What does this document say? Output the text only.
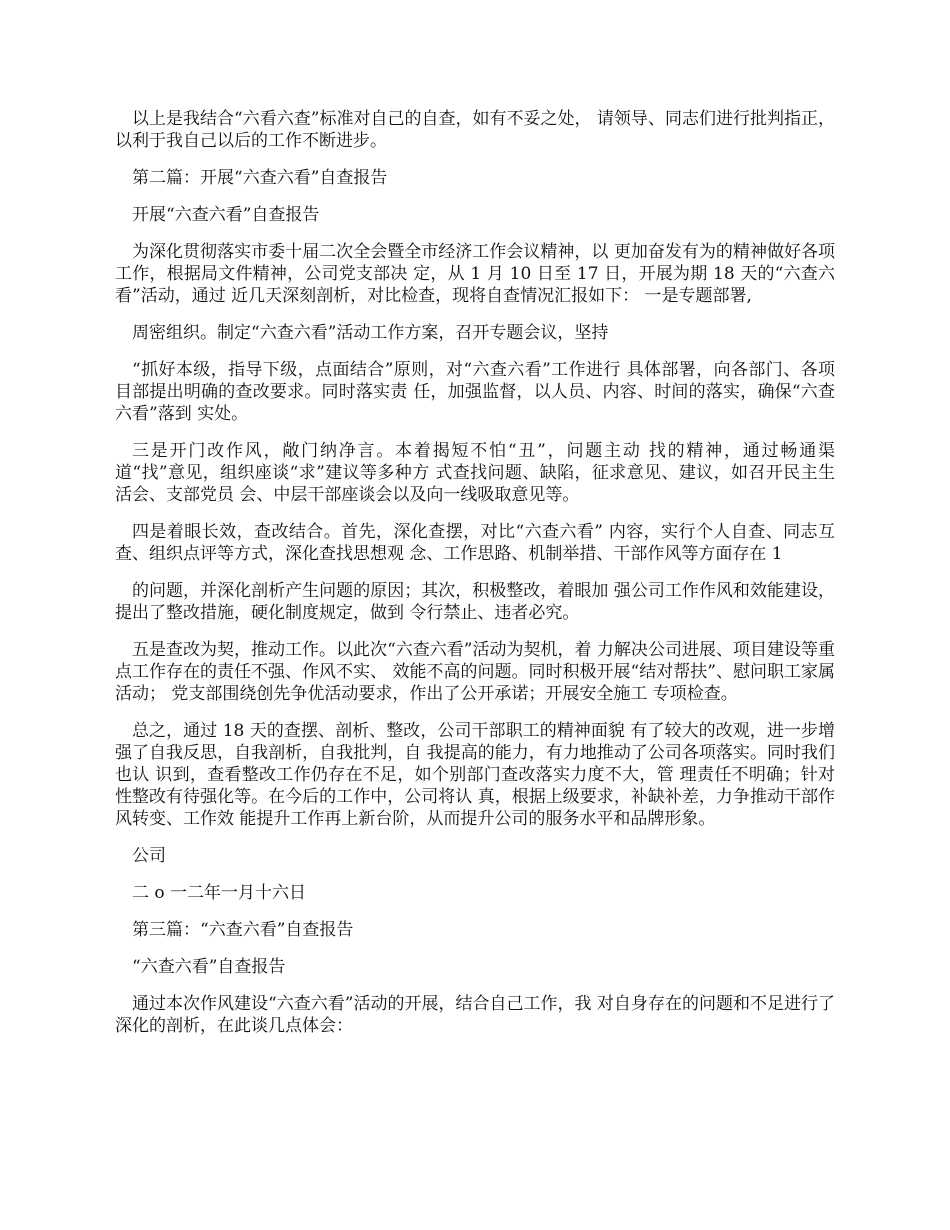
以上是我结合“六看六查”标准对自己的自查，如有不妥之处， 请领导、同志们进行批判指正，以利于我自己以后的工作不断进步。

第二篇：开展“六查六看”自查报告

开展“六查六看”自查报告

为深化贯彻落实市委十届二次全会暨全市经济工作会议精神，以 更加奋发有为的精神做好各项工作，根据局文件精神，公司党支部决 定，从 1 月 10 日至 17 日，开展为期 18 天的“六查六看”活动，通过 近几天深刻剖析，对比检查，现将自查情况汇报如下： 一是专题部署,

周密组织。制定“六查六看”活动工作方案，召开专题会议，坚持

“抓好本级，指导下级，点面结合”原则，对“六查六看”工作进行 具体部署，向各部门、各项目部提出明确的查改要求。同时落实责 任，加强监督，以人员、内容、时间的落实，确保“六查六看”落到 实处。

三是开门改作风，敞门纳净言。本着揭短不怕“丑”，问题主动 找的精神，通过畅通渠道“找”意见，组织座谈“求”建议等多种方 式查找问题、缺陷，征求意见、建议，如召开民主生活会、支部党员 会、中层干部座谈会以及向一线吸取意见等。

四是着眼长效，查改结合。首先，深化查摆，对比“六查六看” 内容，实行个人自查、同志互查、组织点评等方式，深化查找思想观 念、工作思路、机制举措、干部作风等方面存在 1

的问题，并深化剖析产生问题的原因；其次，积极整改，着眼加 强公司工作作风和效能建设，提出了整改措施，硬化制度规定，做到 令行禁止、违者必究。

五是查改为契，推动工作。以此次“六查六看”活动为契机，着 力解决公司进展、项目建设等重点工作存在的责任不强、作风不实、 效能不高的问题。同时积极开展“结对帮扶”、慰问职工家属活动； 党支部围绕创先争优活动要求，作出了公开承诺；开展安全施工 专项检查。

总之，通过 18 天的查摆、剖析、整改，公司干部职工的精神面貌 有了较大的改观，进一步增强了自我反思，自我剖析，自我批判，自 我提高的能力，有力地推动了公司各项落实。同时我们也认 识到，查看整改工作仍存在不足，如个别部门查改落实力度不大，管 理责任不明确；针对性整改有待强化等。在今后的工作中，公司将认 真，根据上级要求，补缺补差，力争推动干部作风转变、工作效 能提升工作再上新台阶，从而提升公司的服务水平和品牌形象。

公司

二 o 一二年一月十六日

第三篇：“六查六看”自查报告

“六查六看”自查报告

通过本次作风建设“六查六看”活动的开展，结合自己工作，我 对自身存在的问题和不足进行了深化的剖析，在此谈几点体会：
